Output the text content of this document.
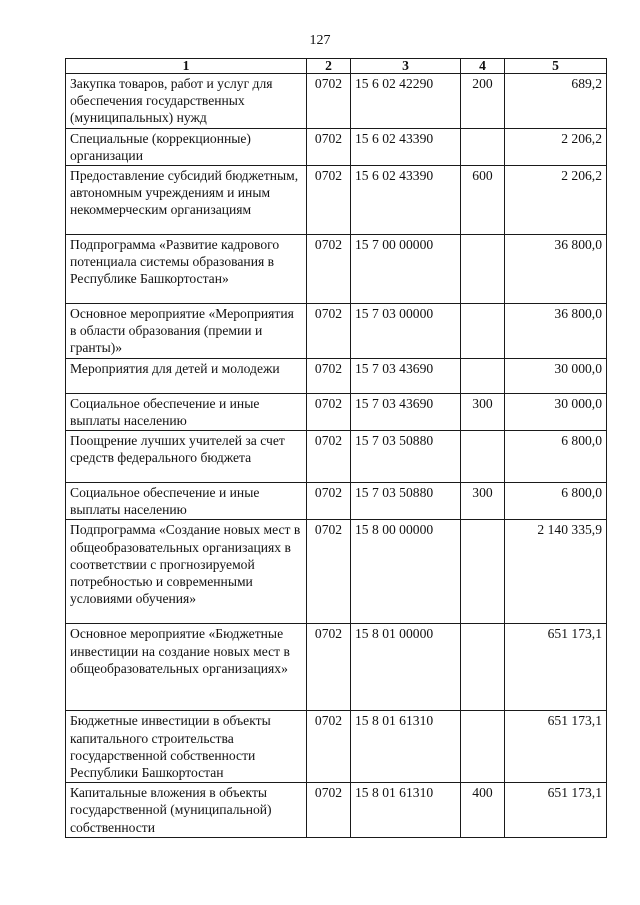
127
1	2	3	4	5
Закупка товаров, работ и услуг для обеспечения государственных (муниципальных) нужд	0702	15 6 02 42290	200	689,2
Специальные (коррекционные) организации	0702	15 6 02 43390		2 206,2
Предоставление субсидий бюджетным, автономным учреждениям и иным некоммерческим организациям	0702	15 6 02 43390	600	2 206,2
Подпрограмма «Развитие кадрового потенциала системы образования в Республике Башкортостан»	0702	15 7 00 00000		36 800,0
Основное мероприятие «Мероприятия в области образования (премии и гранты)»	0702	15 7 03 00000		36 800,0
Мероприятия для детей и молодежи	0702	15 7 03 43690		30 000,0
Социальное обеспечение и иные выплаты населению	0702	15 7 03 43690	300	30 000,0
Поощрение лучших учителей за счет средств федерального бюджета	0702	15 7 03 50880		6 800,0
Социальное обеспечение и иные выплаты населению	0702	15 7 03 50880	300	6 800,0
Подпрограмма «Создание новых мест в общеобразовательных организациях в соответствии с прогнозируемой потребностью и современными условиями обучения»	0702	15 8 00 00000		2 140 335,9
Основное мероприятие «Бюджетные инвестиции на создание новых мест в общеобразовательных организациях»	0702	15 8 01 00000		651 173,1
Бюджетные инвестиции в объекты капитального строительства государственной собственности Республики Башкортостан	0702	15 8 01 61310		651 173,1
Капитальные вложения в объекты государственной (муниципальной) собственности	0702	15 8 01 61310	400	651 173,1
